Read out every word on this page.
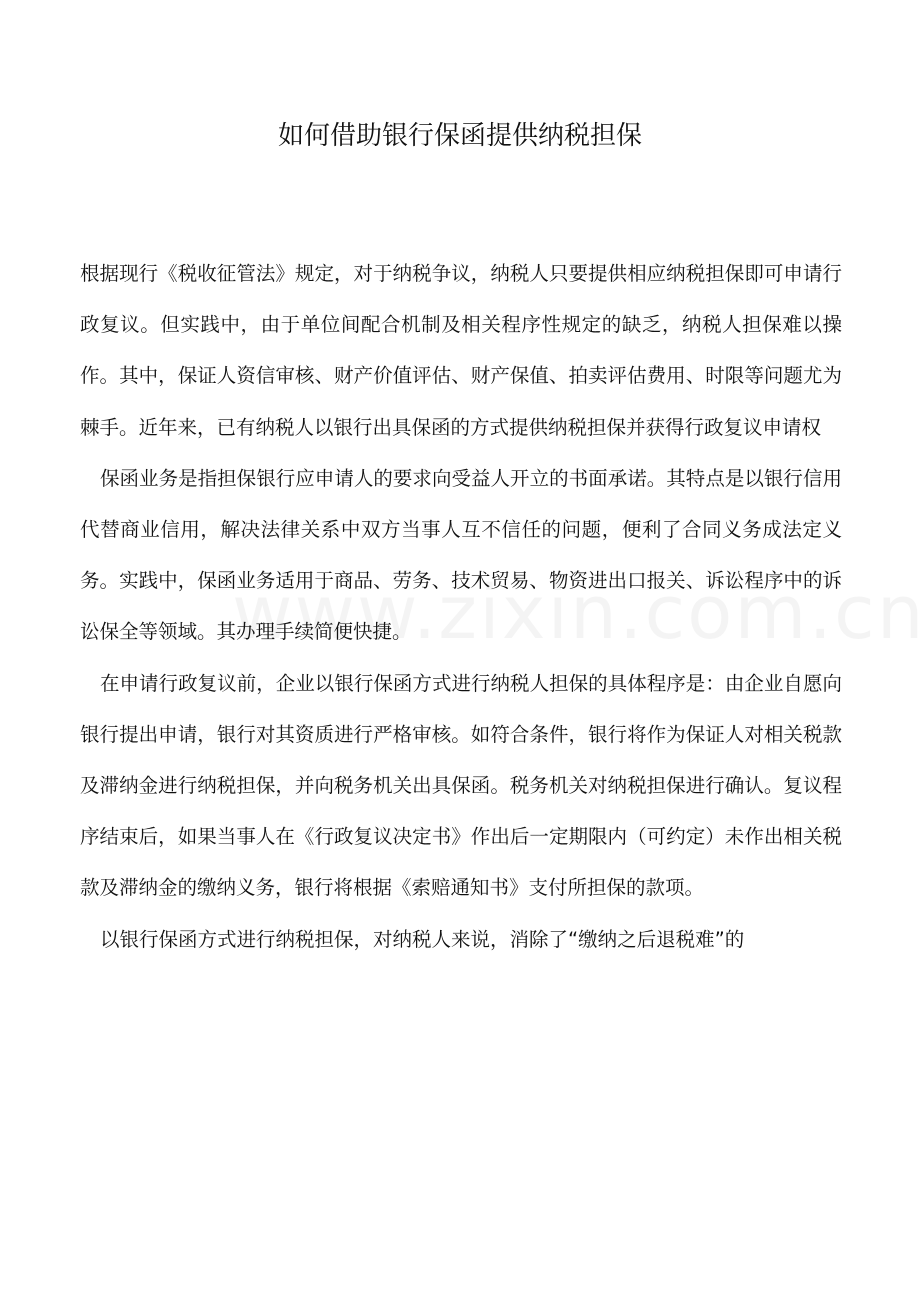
如何借助银行保函提供纳税担保

根据现行《税收征管法》规定，对于纳税争议，纳税人只要提供相应纳税担保即可申请行政复议。但实践中，由于单位间配合机制及相关程序性规定的缺乏，纳税人担保难以操作。其中，保证人资信审核、财产价值评估、财产保值、拍卖评估费用、时限等问题尤为棘手。近年来，已有纳税人以银行出具保函的方式提供纳税担保并获得行政复议申请权

保函业务是指担保银行应申请人的要求向受益人开立的书面承诺。其特点是以银行信用代替商业信用，解决法律关系中双方当事人互不信任的问题，便利了合同义务成法定义务。实践中，保函业务适用于商品、劳务、技术贸易、物资进出口报关、诉讼程序中的诉讼保全等领域。其办理手续简便快捷。

在申请行政复议前，企业以银行保函方式进行纳税人担保的具体程序是：由企业自愿向银行提出申请，银行对其资质进行严格审核。如符合条件，银行将作为保证人对相关税款及滞纳金进行纳税担保，并向税务机关出具保函。税务机关对纳税担保进行确认。复议程序结束后，如果当事人在《行政复议决定书》作出后一定期限内（可约定）未作出相关税款及滞纳金的缴纳义务，银行将根据《索赔通知书》支付所担保的款项。

以银行保函方式进行纳税担保，对纳税人来说，消除了“缴纳之后退税难”的
